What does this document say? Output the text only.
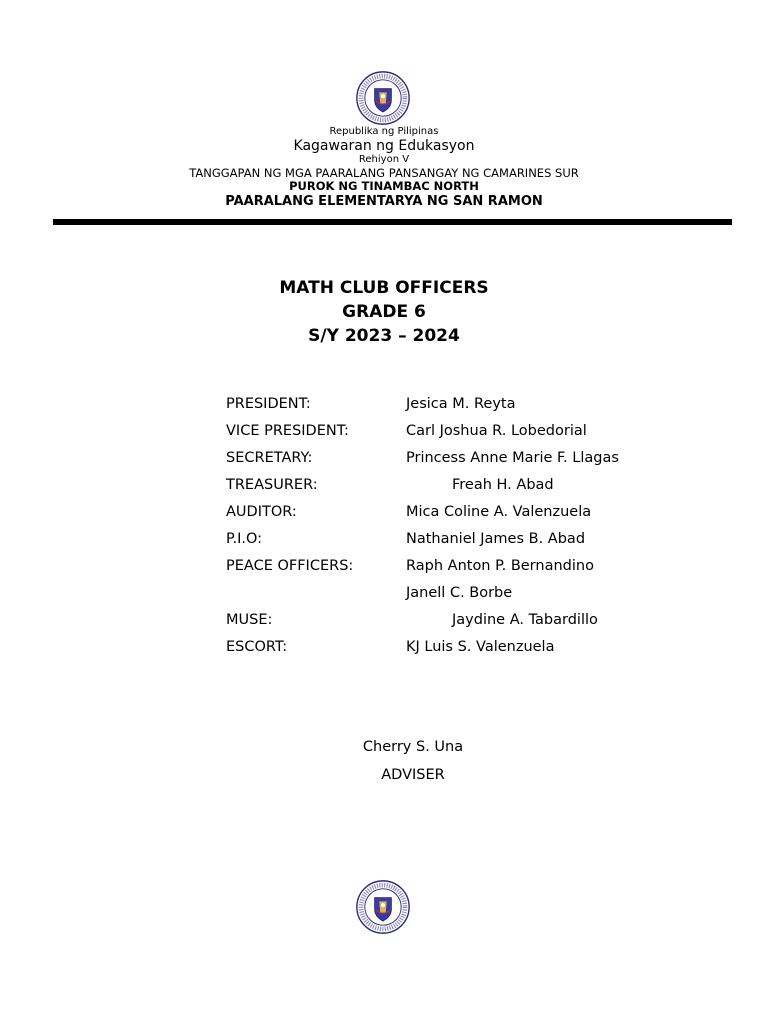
Republika ng Pilipinas
Kagawaran ng Edukasyon
Rehiyon V
TANGGAPAN NG MGA PAARALANG PANSANGAY NG CAMARINES SUR
PUROK NG TINAMBAC NORTH
PAARALANG ELEMENTARYA NG SAN RAMON
MATH CLUB OFFICERS
GRADE 6
S/Y 2023 – 2024
PRESIDENT:	Jesica M. Reyta
VICE PRESIDENT:	Carl Joshua R. Lobedorial
SECRETARY:	Princess Anne Marie F. Llagas
TREASURER:	Freah H. Abad
AUDITOR:	Mica Coline A. Valenzuela
P.I.O:	Nathaniel James B. Abad
PEACE OFFICERS:	Raph Anton P. Bernandino
Janell C. Borbe
MUSE:	Jaydine A. Tabardillo
ESCORT:	KJ Luis S. Valenzuela
Cherry S. Una
ADVISER
